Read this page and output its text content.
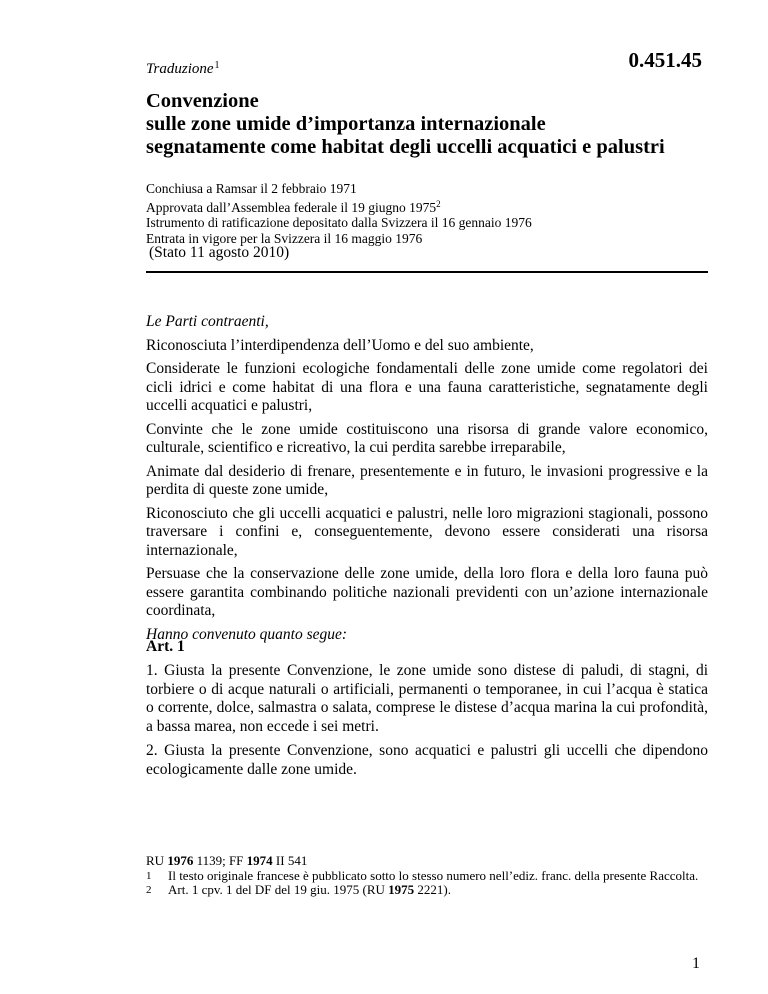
Traduzione$^1$	0.451.45
Convenzione
sulle zone umide d’importanza internazionale
segnatamente come habitat degli uccelli acquatici e palustri
Conchiusa a Ramsar il 2 febbraio 1971
Approvata dall’Assemblea federale il 19 giugno 1975$^2$
Istrumento di ratificazione depositato dalla Svizzera il 16 gennaio 1976
Entrata in vigore per la Svizzera il 16 maggio 1976
(Stato 11 agosto 2010)

Le Parti contraenti,

Riconosciuta l’interdipendenza dell’Uomo e del suo ambiente,

Considerate le funzioni ecologiche fondamentali delle zone umide come regolatori dei cicli idrici e come habitat di una flora e una fauna caratteristiche, segnatamente degli uccelli acquatici e palustri,

Convinte che le zone umide costituiscono una risorsa di grande valore economico, culturale, scientifico e ricreativo, la cui perdita sarebbe irreparabile,

Animate dal desiderio di frenare, presentemente e in futuro, le invasioni progressive e la perdita di queste zone umide,

Riconosciuto che gli uccelli acquatici e palustri, nelle loro migrazioni stagionali, possono traversare i confini e, conseguentemente, devono essere considerati una risorsa internazionale,

Persuase che la conservazione delle zone umide, della loro flora e della loro fauna può essere garantita combinando politiche nazionali previdenti con un’azione internazionale coordinata,

Hanno convenuto quanto segue:

Art. 1

1. Giusta la presente Convenzione, le zone umide sono distese di paludi, di stagni, di torbiere o di acque naturali o artificiali, permanenti o temporanee, in cui l’acqua è statica o corrente, dolce, salmastra o salata, comprese le distese d’acqua marina la cui profondità, a bassa marea, non eccede i sei metri.

2. Giusta la presente Convenzione, sono acquatici e palustri gli uccelli che dipendono ecologicamente dalle zone umide.

RU 1976 1139; FF 1974 II 541
1	Il testo originale francese è pubblicato sotto lo stesso numero nell’ediz. franc. della presente Raccolta.
2	Art. 1 cpv. 1 del DF del 19 giu. 1975 (RU 1975 2221).
1
